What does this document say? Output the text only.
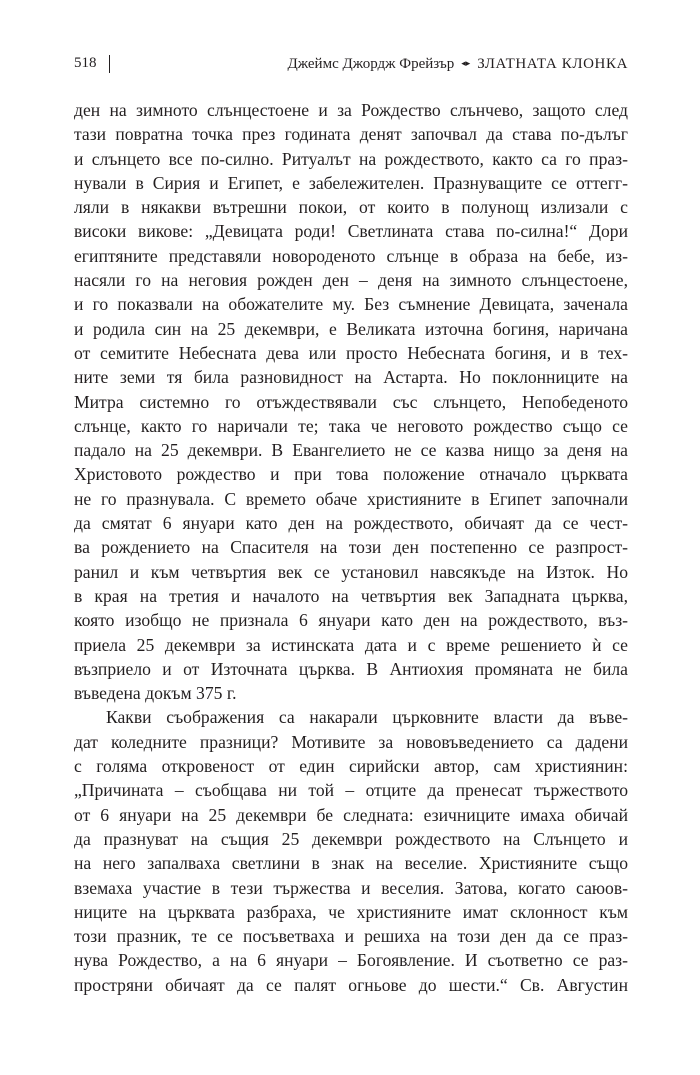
518	Джеймс Джордж Фрейзър ◂▸ ЗЛАТНАТА КЛОНКА
ден на зимното слънцестоене и за Рождество слънчево, защото след
тази повратна точка през годината денят започвал да става по-дълъг
и слънцето все по-силно. Ритуалът на рождеството, както са го праз-
нували в Сирия и Египет, е забележителен. Празнуващите се оттегг-
ляли в някакви вътрешни покои, от които в полунощ излизали с
високи викове: „Девицата роди! Светлината става по-силна!“ Дори
египтяните представяли новороденото слънце в образа на бебе, из-
насяли го на неговия рожден ден – деня на зимното слънцестоене,
и го показвали на обожателите му. Без съмнение Девицата, заченала
и родила син на 25 декември, е Великата източна богиня, наричана
от семитите Небесната дева или просто Небесната богиня, и в тех-
ните земи тя била разновидност на Астарта. Но поклонниците на
Митра системно го отъждествявали със слънцето, Непобеденото
слънце, както го наричали те; така че неговото рождество също се
падало на 25 декември. В Евангелието не се казва нищо за деня на
Христовото рождество и при това положение отначало църквата
не го празнувала. С времето обаче християните в Египет започнали
да смятат 6 януари като ден на рождеството, обичаят да се чест-
ва рождението на Спасителя на този ден постепенно се разпрост-
ранил и към четвъртия век се установил навсякъде на Изток. Но
в края на третия и началото на четвъртия век Западната църква,
която изобщо не признала 6 януари като ден на рождеството, въз-
приела 25 декември за истинската дата и с време решението ѝ се
възприело и от Източната църква. В Антиохия промяната не била
въведена докъм 375 г.
Какви съображения са накарали църковните власти да въве-
дат коледните празници? Мотивите за нововъведението са дадени
с голяма откровеност от един сирийски автор, сам християнин:
„Причината – съобщава ни той – отците да пренесат тържеството
от 6 януари на 25 декември бе следната: езичниците имаха обичай
да празнуват на същия 25 декември рождеството на Слънцето и
на него запалваха светлини в знак на веселие. Християните също
вземаха участие в тези тържества и веселия. Затова, когато саюов-
ниците на църквата разбраха, че християните имат склонност към
този празник, те се посъветваха и решиха на този ден да се праз-
нува Рождество, а на 6 януари – Богоявление. И съответно се раз-
простряни обичаят да се палят огньове до шести.“ Св. Августин
